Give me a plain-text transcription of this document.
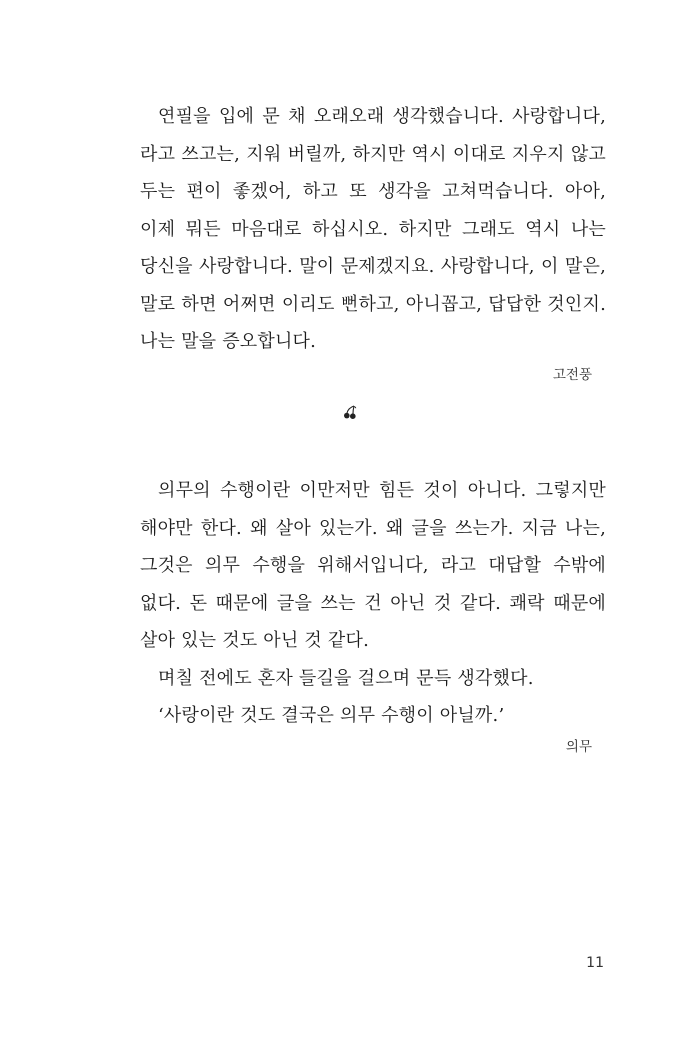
연필을 입에 문 채 오래오래 생각했습니다. 사랑합니다, 라고 쓰고는, 지워 버릴까, 하지만 역시 이대로 지우지 않고 두는 편이 좋겠어, 하고 또 생각을 고쳐먹습니다. 아아, 이제 뭐든 마음대로 하십시오. 하지만 그래도 역시 나는 당신을 사랑합니다. 말이 문제겠지요. 사랑합니다, 이 말은, 말로 하면 어쩌면 이리도 뻔하고, 아니꼽고, 답답한 것인지. 나는 말을 증오합니다.

고전풍

의무의 수행이란 이만저만 힘든 것이 아니다. 그렇지만 해야만 한다. 왜 살아 있는가. 왜 글을 쓰는가. 지금 나는, 그것은 의무 수행을 위해서입니다, 라고 대답할 수밖에 없다. 돈 때문에 글을 쓰는 건 아닌 것 같다. 쾌락 때문에 살아 있는 것도 아닌 것 같다.

며칠 전에도 혼자 들길을 걸으며 문득 생각했다.

‘사랑이란 것도 결국은 의무 수행이 아닐까.’

의무

11
